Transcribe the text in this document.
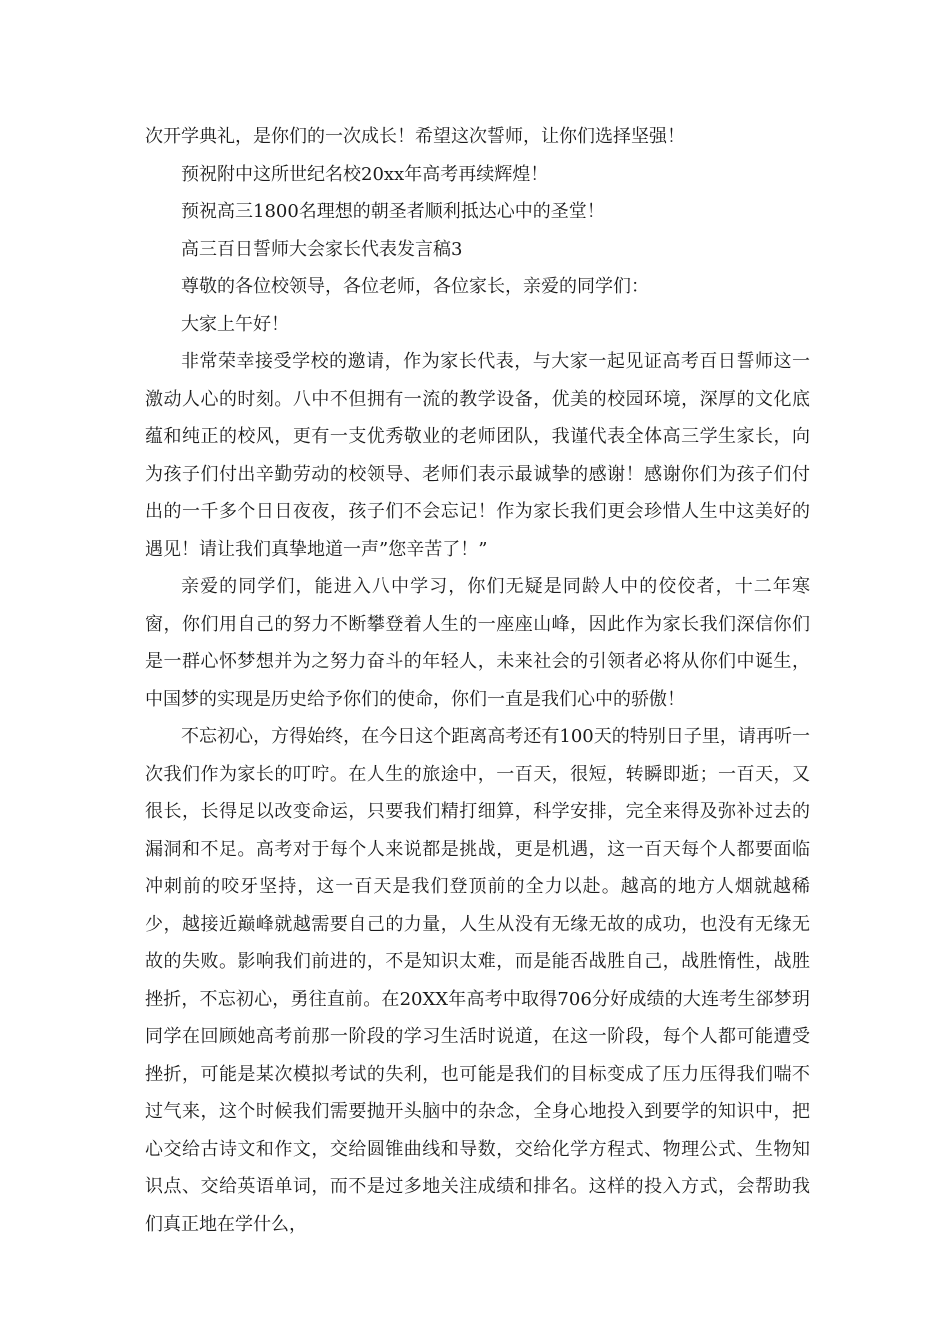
次开学典礼，是你们的一次成长！希望这次誓师，让你们选择坚强！

预祝附中这所世纪名校20xx年高考再续辉煌！

预祝高三1800名理想的朝圣者顺利抵达心中的圣堂！

高三百日誓师大会家长代表发言稿3

尊敬的各位校领导，各位老师，各位家长，亲爱的同学们：

大家上午好！

非常荣幸接受学校的邀请，作为家长代表，与大家一起见证高考百日誓师这一激动人心的时刻。八中不但拥有一流的教学设备，优美的校园环境，深厚的文化底蕴和纯正的校风，更有一支优秀敬业的老师团队，我谨代表全体高三学生家长，向为孩子们付出辛勤劳动的校领导、老师们表示最诚挚的感谢！感谢你们为孩子们付出的一千多个日日夜夜，孩子们不会忘记！作为家长我们更会珍惜人生中这美好的遇见！请让我们真挚地道一声”您辛苦了！”

亲爱的同学们，能进入八中学习，你们无疑是同龄人中的佼佼者，十二年寒窗，你们用自己的努力不断攀登着人生的一座座山峰，因此作为家长我们深信你们是一群心怀梦想并为之努力奋斗的年轻人，未来社会的引领者必将从你们中诞生，中国梦的实现是历史给予你们的使命，你们一直是我们心中的骄傲！

不忘初心，方得始终，在今日这个距离高考还有100天的特别日子里，请再听一次我们作为家长的叮咛。在人生的旅途中，一百天，很短，转瞬即逝；一百天，又很长，长得足以改变命运，只要我们精打细算，科学安排，完全来得及弥补过去的漏洞和不足。高考对于每个人来说都是挑战，更是机遇，这一百天每个人都要面临冲刺前的咬牙坚持，这一百天是我们登顶前的全力以赴。越高的地方人烟就越稀少，越接近巅峰就越需要自己的力量，人生从没有无缘无故的成功，也没有无缘无故的失败。影响我们前进的，不是知识太难，而是能否战胜自己，战胜惰性，战胜挫折，不忘初心，勇往直前。在20XX年高考中取得706分好成绩的大连考生郤梦玥同学在回顾她高考前那一阶段的学习生活时说道，在这一阶段，每个人都可能遭受挫折，可能是某次模拟考试的失利，也可能是我们的目标变成了压力压得我们喘不过气来，这个时候我们需要抛开头脑中的杂念，全身心地投入到要学的知识中，把心交给古诗文和作文，交给圆锥曲线和导数，交给化学方程式、物理公式、生物知识点、交给英语单词，而不是过多地关注成绩和排名。这样的投入方式，会帮助我们真正地在学什么，
